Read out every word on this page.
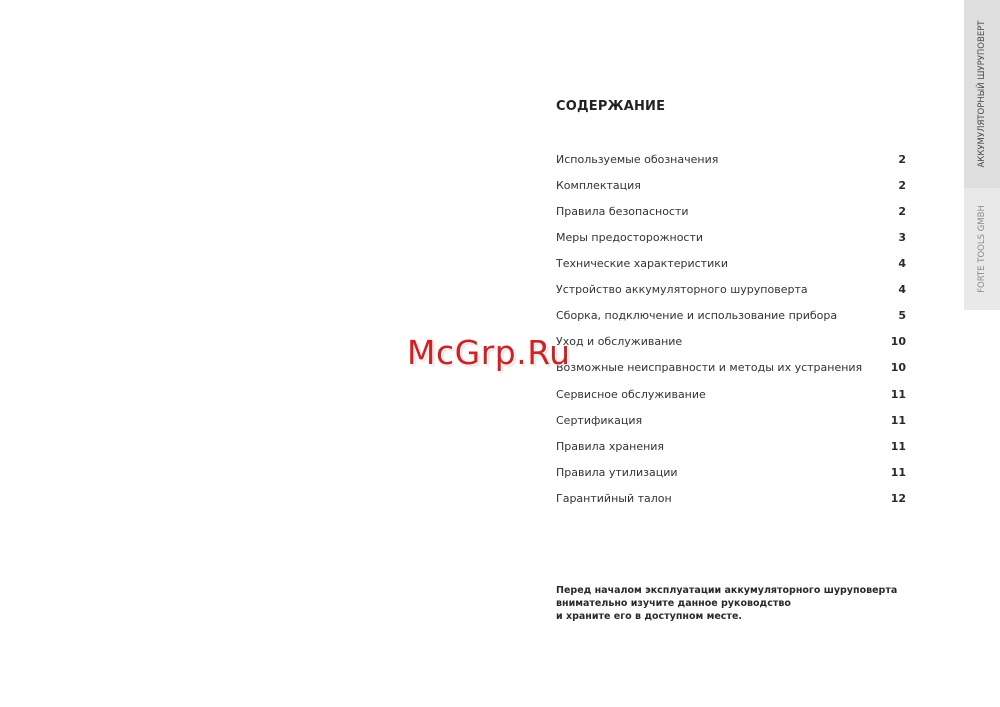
СОДЕРЖАНИЕ
Используемые обозначения	2
Комплектация	2
Правила безопасности	2
Меры предосторожности	3
Технические характеристики	4
Устройство аккумуляторного шуруповерта	4
Сборка, подключение и использование прибора	5
Уход и обслуживание	10
Возможные неисправности и методы их устранения	10
Сервисное обслуживание	11
Сертификация	11
Правила хранения	11
Правила утилизации	11
Гарантийный талон	12
Перед началом эксплуатации аккумуляторного шуруповерта
внимательно изучите данное руководство
и храните его в доступном месте.
McGrp.Ru
АККУМУЛЯТОРНЫЙ ШУРУПОВЕРТ
FORTE TOOLS GMBH
